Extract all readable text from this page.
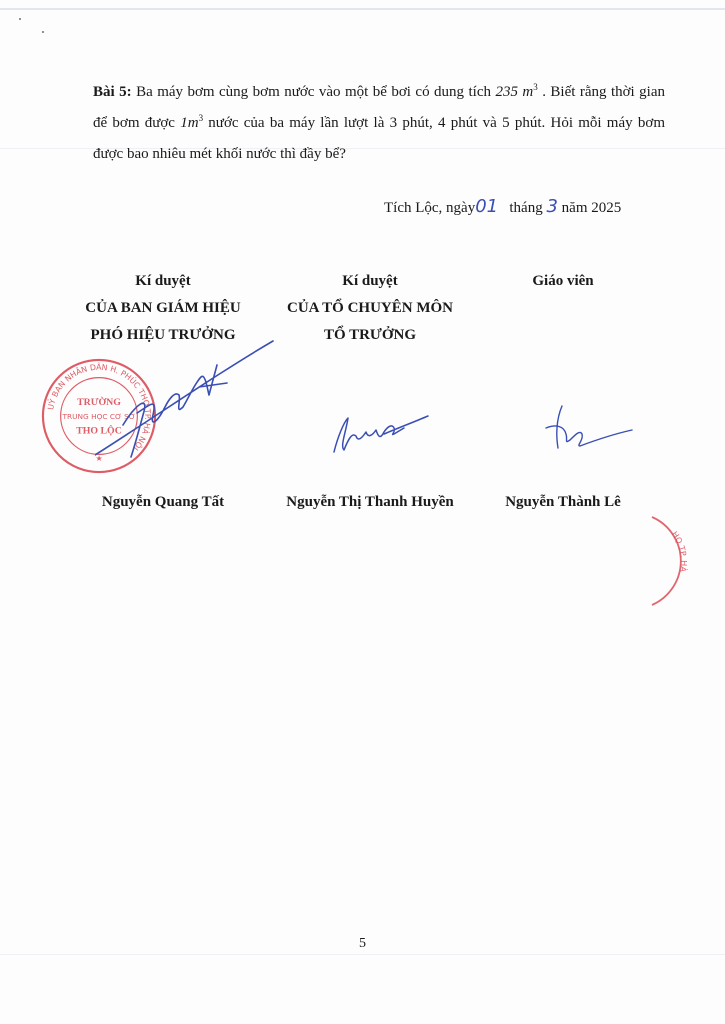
Bài 5: Ba máy bơm cùng bơm nước vào một bể bơi có dung tích 235 $m^3$ . Biết rằng thời gian để bơm được $1m^3$ nước của ba máy lần lượt là 3 phút, 4 phút và 5 phút. Hỏi mỗi máy bơm được bao nhiêu mét khối nước thì đầy bể?
Tích Lộc, ngày01 tháng 3 năm 2025
Kí duyệt
CỦA BAN GIÁM HIỆU
PHÓ HIỆU TRƯỞNG
Kí duyệt
CỦA TỔ CHUYÊN MÔN
TỔ TRƯỞNG
Giáo viên
UỶ BAN NHÂN DÂN H. PHÚC THỌ TP. HÀ NỘI
TRƯỜNG
TRUNG HỌC CƠ SỞ
THO LỘC
★
Nguyễn Quang Tất	Nguyễn Thị Thanh Huyền	Nguyễn Thành Lê
HỌ TP. HÀ
5
